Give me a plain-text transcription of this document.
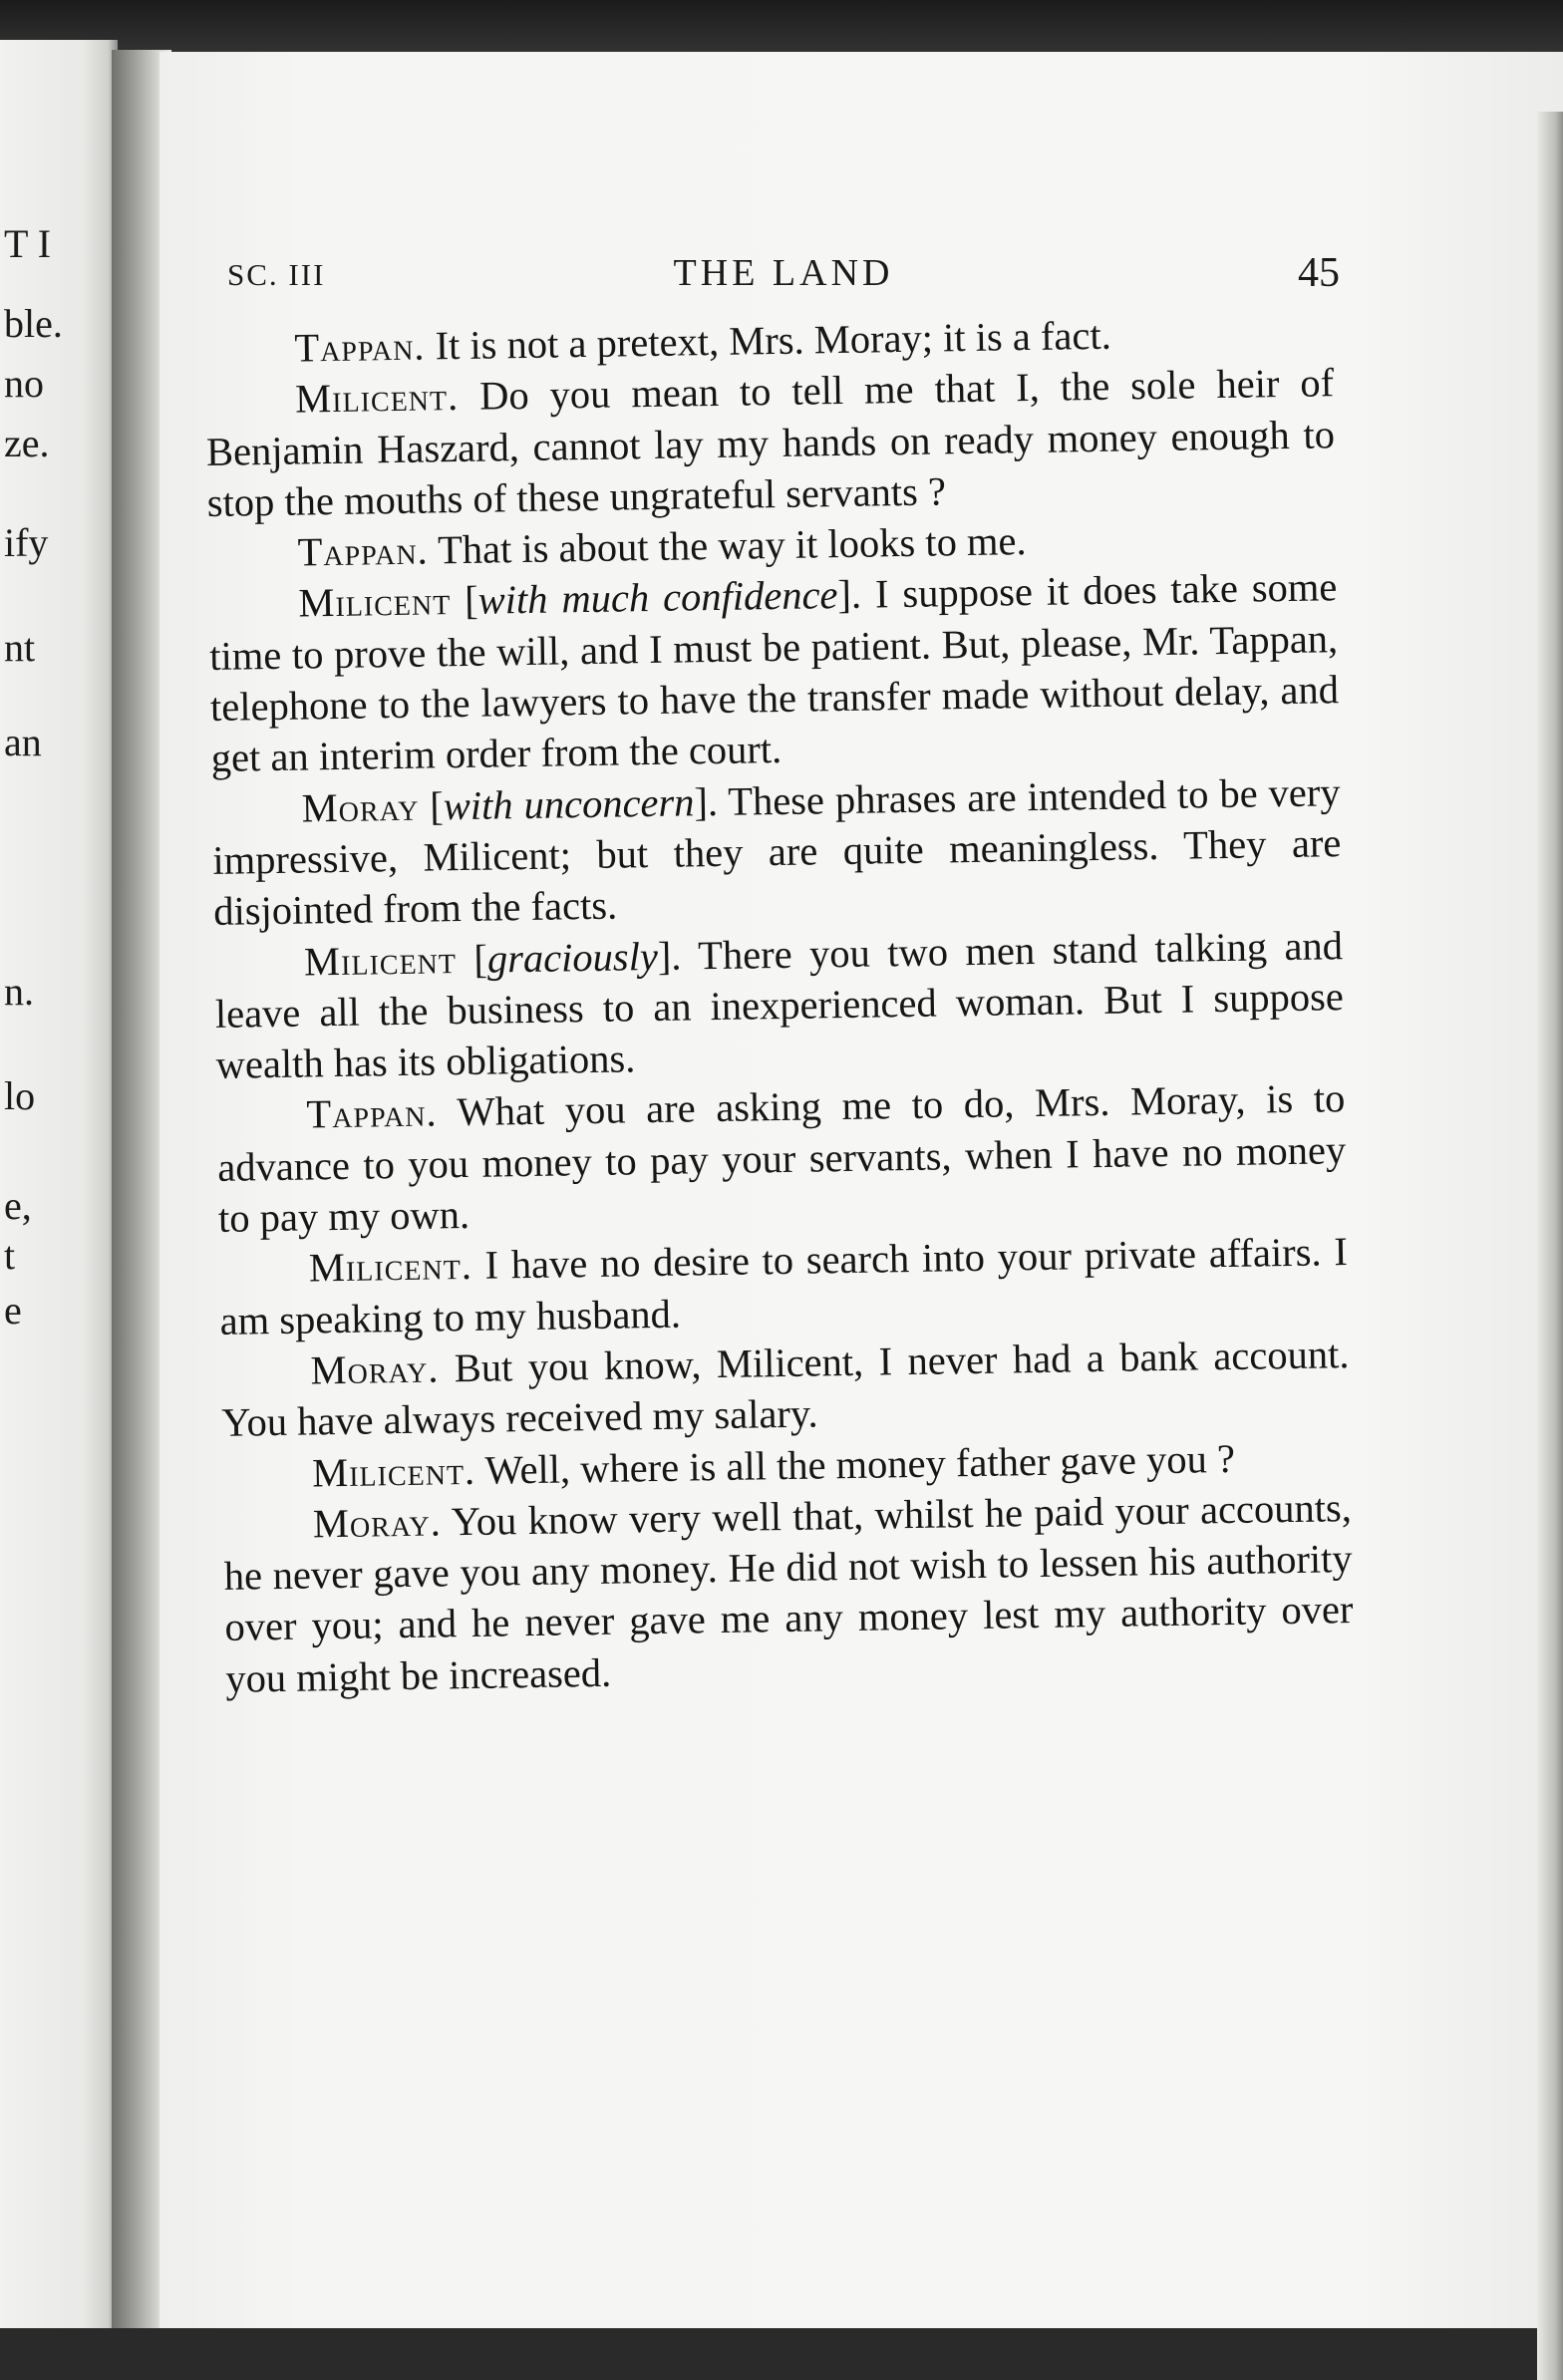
T I
ble.
no
ze.
ify
nt
an
n.
lo
e,
t
e
SC. III	THE LAND	45

Tappan. It is not a pretext, Mrs. Moray; it is a fact.

Milicent. Do you mean to tell me that I, the sole heir of Benjamin Haszard, cannot lay my hands on ready money enough to stop the mouths of these ungrateful servants ?

Tappan. That is about the way it looks to me.

Milicent [with much confidence]. I suppose it does take some time to prove the will, and I must be patient. But, please, Mr. Tappan, telephone to the lawyers to have the transfer made without delay, and get an interim order from the court.

Moray [with unconcern]. These phrases are intended to be very impressive, Milicent; but they are quite meaningless. They are disjointed from the facts.

Milicent [graciously]. There you two men stand talking and leave all the business to an inexperienced woman. But I suppose wealth has its obligations.

Tappan. What you are asking me to do, Mrs. Moray, is to advance to you money to pay your servants, when I have no money to pay my own.

Milicent. I have no desire to search into your private affairs. I am speaking to my husband.

Moray. But you know, Milicent, I never had a bank account. You have always received my salary.

Milicent. Well, where is all the money father gave you ?

Moray. You know very well that, whilst he paid your accounts, he never gave you any money. He did not wish to lessen his authority over you; and he never gave me any money lest my authority over you might be increased.
